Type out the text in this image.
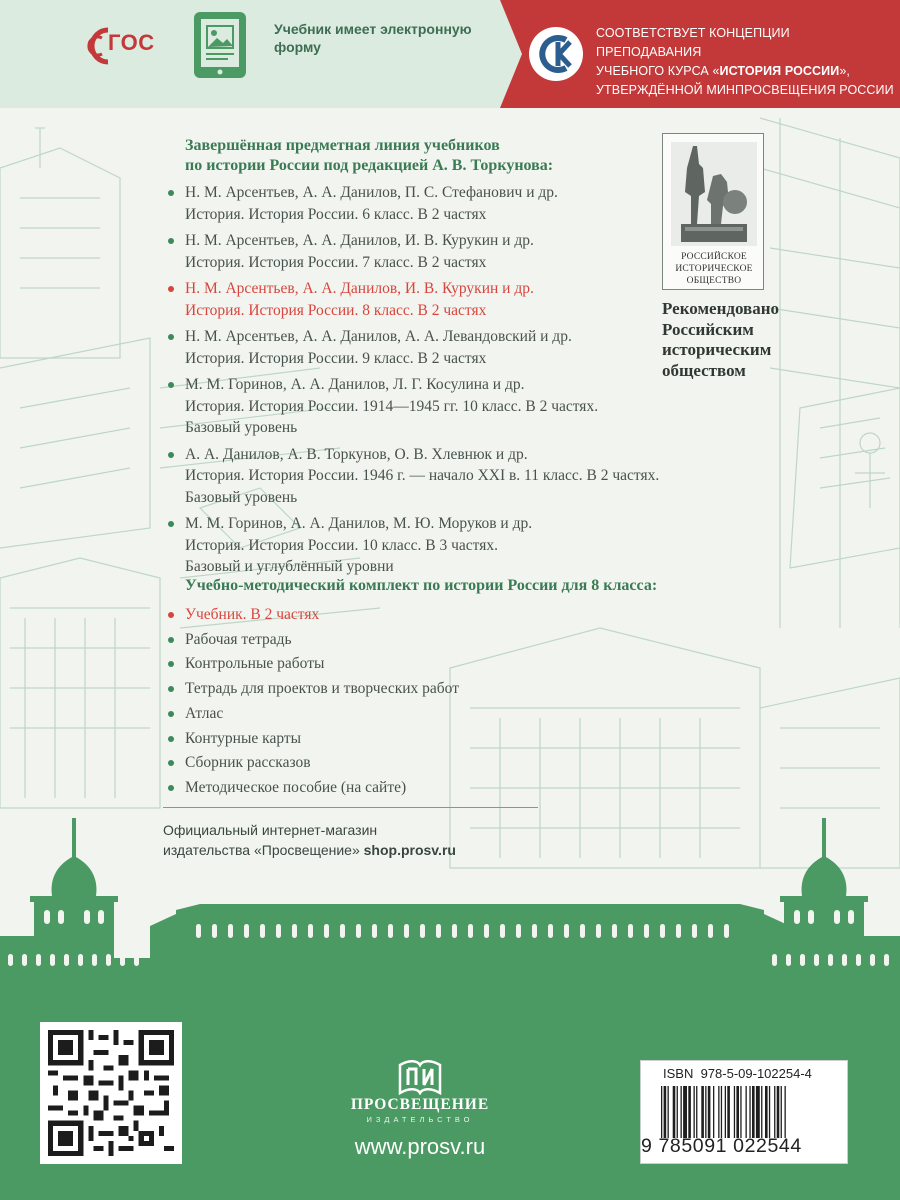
ГОС
Учебник имеет электронную форму
СООТВЕТСТВУЕТ КОНЦЕПЦИИ ПРЕПОДАВАНИЯ
УЧЕБНОГО КУРСА «ИСТОРИЯ РОССИИ»,
УТВЕРЖДЁННОЙ МИНПРОСВЕЩЕНИЯ РОССИИ
Завершённая предметная линия учебников
по истории России под редакцией А. В. Торкунова:
Н. М. Арсентьев, А. А. Данилов, П. С. Стефанович и др.
История. История России. 6 класс. В 2 частях
Н. М. Арсентьев, А. А. Данилов, И. В. Курукин и др.
История. История России. 7 класс. В 2 частях
Н. М. Арсентьев, А. А. Данилов, И. В. Курукин и др.
История. История России. 8 класс. В 2 частях
Н. М. Арсентьев, А. А. Данилов, А. А. Левандовский и др.
История. История России. 9 класс. В 2 частях
М. М. Горинов, А. А. Данилов, Л. Г. Косулина и др.
История. История России. 1914—1945 гг. 10 класс. В 2 частях.
Базовый уровень
А. А. Данилов, А. В. Торкунов, О. В. Хлевнюк и др.
История. История России. 1946 г. — начало XXI в. 11 класс. В 2 частях.
Базовый уровень
М. М. Горинов, А. А. Данилов, М. Ю. Моруков и др.
История. История России. 10 класс. В 3 частях.
Базовый и углублённый уровни
Учебно-методический комплект по истории России для 8 класса:
Учебник. В 2 частях
Рабочая тетрадь
Контрольные работы
Тетрадь для проектов и творческих работ
Атлас
Контурные карты
Сборник рассказов
Методическое пособие (на сайте)
Официальный интернет-магазин
издательства «Просвещение» shop.prosv.ru
РОССИЙСКОЕ ИСТОРИЧЕСКОЕ ОБЩЕСТВО
Рекомендовано Российским историческим обществом
ПРОСВЕЩЕНИЕ
ИЗДАТЕЛЬСТВО
www.prosv.ru
ISBN 978-5-09-102254-4
9 785091 022544
